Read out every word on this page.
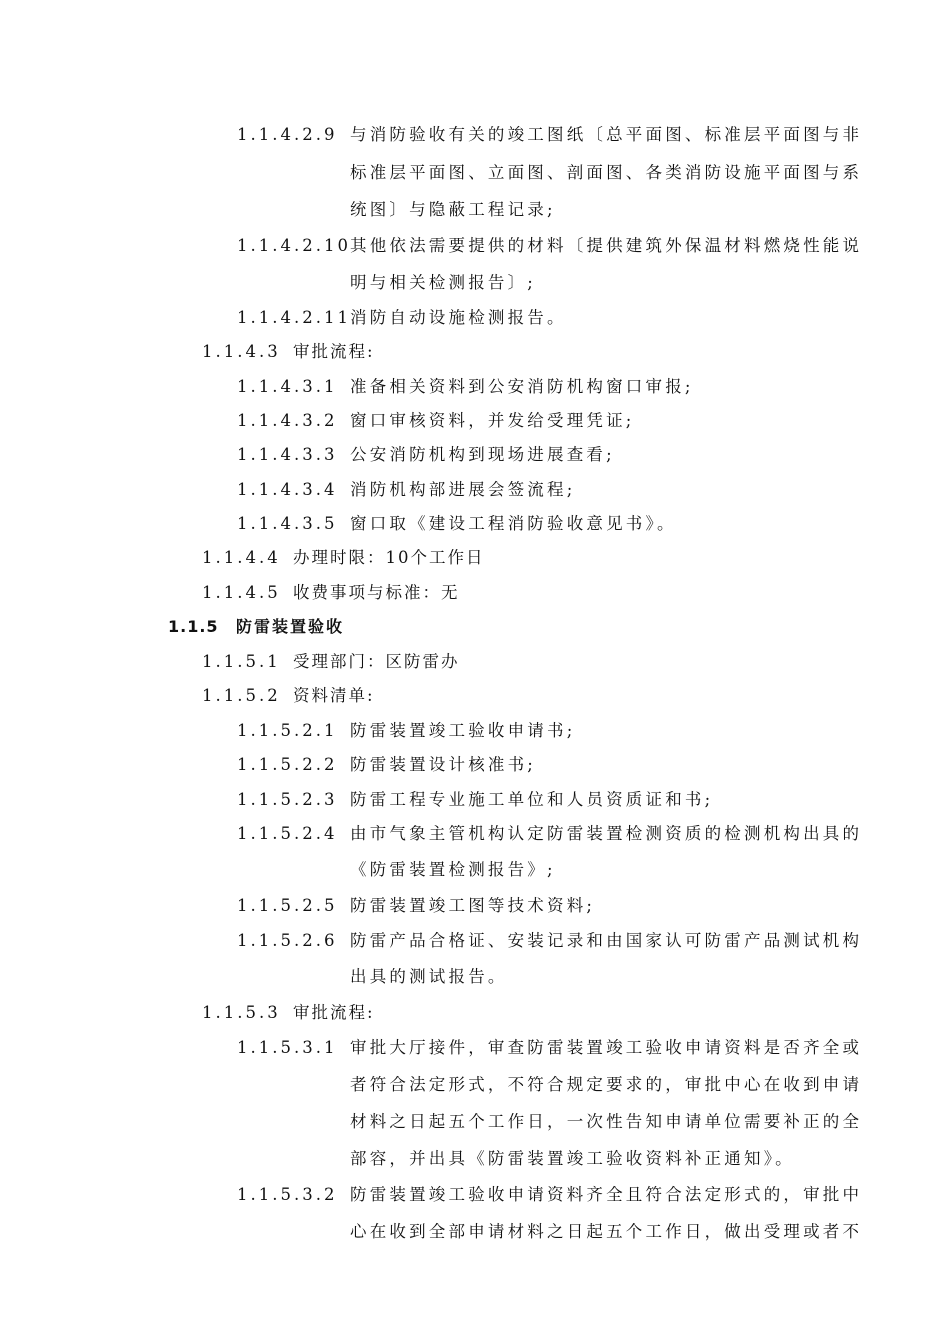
1.1.4.2.9 与消防验收有关的竣工图纸〔总平面图、标准层平面图与非
标准层平面图、立面图、剖面图、各类消防设施平面图与系
统图〕与隐蔽工程记录;
1.1.4.2.10 其他依法需要提供的材料〔提供建筑外保温材料燃烧性能说
明与相关检测报告〕;
1.1.4.2.11 消防自动设施检测报告。
1.1.4.3 审批流程:
1.1.4.3.1 准备相关资料到公安消防机构窗口审报;
1.1.4.3.2 窗口审核资料，并发给受理凭证;
1.1.4.3.3 公安消防机构到现场进展查看;
1.1.4.3.4 消防机构部进展会签流程;
1.1.4.3.5 窗口取《建设工程消防验收意见书》。
1.1.4.4 办理时限：10个工作日
1.1.4.5 收费事项与标准：无
1.1.5 防雷装置验收
1.1.5.1 受理部门：区防雷办
1.1.5.2 资料清单:
1.1.5.2.1 防雷装置竣工验收申请书;
1.1.5.2.2 防雷装置设计核准书;
1.1.5.2.3 防雷工程专业施工单位和人员资质证和书;
1.1.5.2.4 由市气象主管机构认定防雷装置检测资质的检测机构出具的
《防雷装置检测报告》;
1.1.5.2.5 防雷装置竣工图等技术资料;
1.1.5.2.6 防雷产品合格证、安装记录和由国家认可防雷产品测试机构
出具的测试报告。
1.1.5.3 审批流程:
1.1.5.3.1 审批大厅接件，审查防雷装置竣工验收申请资料是否齐全或
者符合法定形式，不符合规定要求的，审批中心在收到申请
材料之日起五个工作日，一次性告知申请单位需要补正的全
部容，并出具《防雷装置竣工验收资料补正通知》。
1.1.5.3.2 防雷装置竣工验收申请资料齐全且符合法定形式的，审批中
心在收到全部申请材料之日起五个工作日，做出受理或者不
